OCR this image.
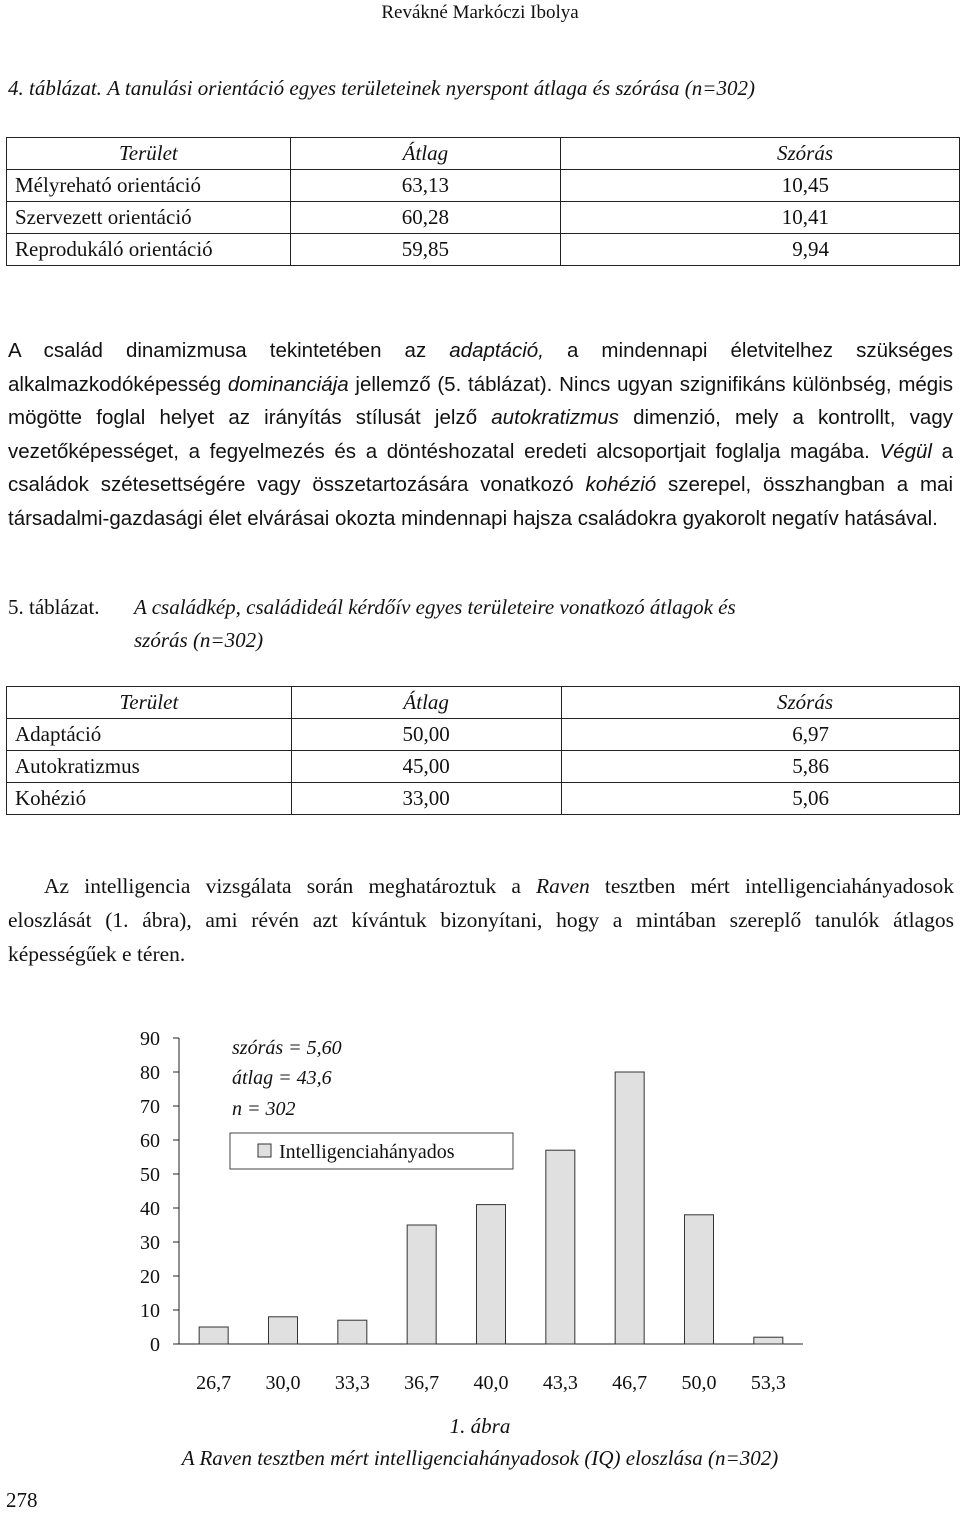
Revákné Markóczi Ibolya
4. táblázat. A tanulási orientáció egyes területeinek nyerspont átlaga és szórása (n=302)
Terület	Átlag	Szórás
Mélyreható orientáció	63,13	10,45
Szervezett orientáció	60,28	10,41
Reprodukáló orientáció	59,85	9,94
A család dinamizmusa tekintetében az adaptáció, a mindennapi életvitelhez szükséges alkalmazkodóképesség dominanciája jellemző (5. táblázat). Nincs ugyan szignifikáns különbség, mégis mögötte foglal helyet az irányítás stílusát jelző autokratizmus dimenzió, mely a kontrollt, vagy vezetőképességet, a fegyelmezés és a döntéshozatal eredeti alcsoportjait foglalja magába. Végül a családok szétesettségére vagy összetartozására vonatkozó kohézió szerepel, összhangban a mai társadalmi-gazdasági élet elvárásai okozta mindennapi hajsza családokra gyakorolt negatív hatásával.
5. táblázat.	A családkép, családideál kérdőív egyes területeire vonatkozó átlagok és szórás (n=302)
Terület	Átlag	Szórás
Adaptáció	50,00	6,97
Autokratizmus	45,00	5,86
Kohézió	33,00	5,06
Az intelligencia vizsgálata során meghatároztuk a Raven tesztben mért intelligenciahányadosok eloszlását (1. ábra), ami révén azt kívántuk bizonyítani, hogy a mintában szereplő tanulók átlagos képességűek e téren.
0
10
20
30
40
50
60
70
80
90
26,7 30,0 33,3 36,7 40,0 43,3 46,7 50,0 53,3
szórás = 5,60
átlag = 43,6
n = 302
Intelligenciahányados
1. ábra
A Raven tesztben mért intelligenciahányadosok (IQ) eloszlása (n=302)
278
